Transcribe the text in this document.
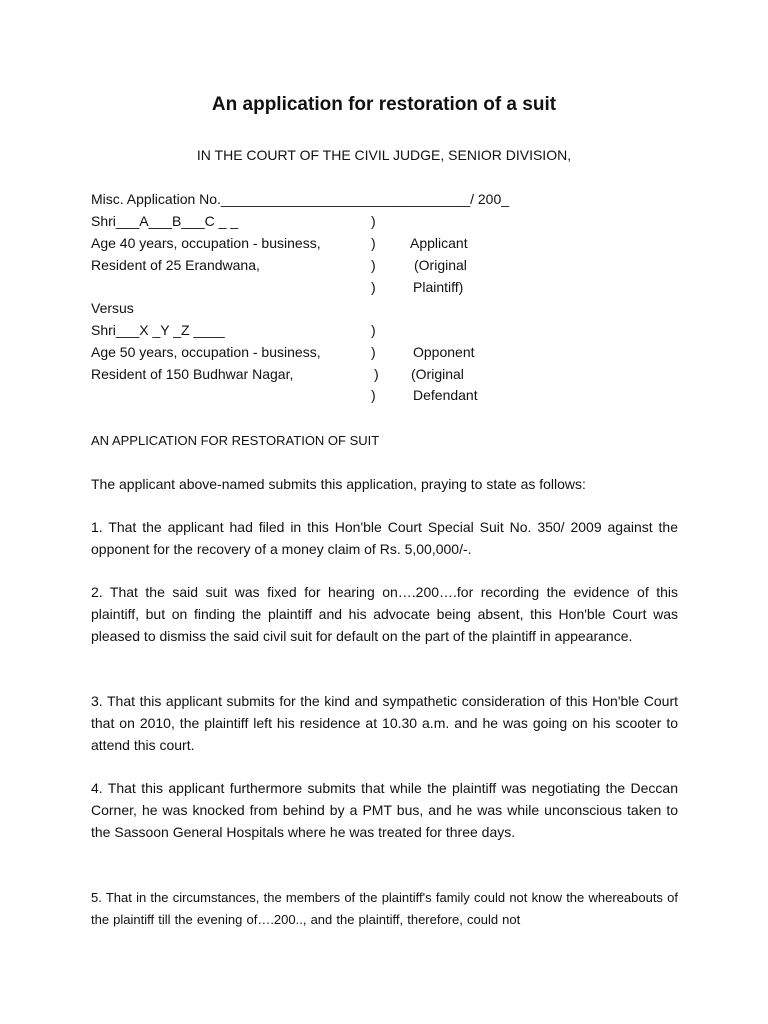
An application for restoration of a suit
IN THE COURT OF THE CIVIL JUDGE, SENIOR DIVISION,
Misc. Application No.________________________________/ 200_
Shri___A___B___C _ _	)
Age 40 years, occupation - business,	) Applicant
Resident of 25 Erandwana,	)	(Original
)	Plaintiff)
Versus
Shri___X _Y _Z ____	)
Age 50 years, occupation - business,	)	Opponent
Resident of 150 Budhwar Nagar,	) (Original
)	Defendant
AN APPLICATION FOR RESTORATION OF SUIT
The applicant above-named submits this application, praying to state as follows:
1. That the applicant had filed in this Hon'ble Court Special Suit No. 350/ 2009 against the opponent for the recovery of a money claim of Rs. 5,00,000/-.
2. That the said suit was fixed for hearing on….200….for recording the evidence of this plaintiff, but on finding the plaintiff and his advocate being absent, this Hon'ble Court was pleased to dismiss the said civil suit for default on the part of the plaintiff in appearance.
3. That this applicant submits for the kind and sympathetic consideration of this Hon'ble Court that on 2010, the plaintiff left his residence at 10.30 a.m. and he was going on his scooter to attend this court.
4. That this applicant furthermore submits that while the plaintiff was negotiating the Deccan Corner, he was knocked from behind by a PMT bus, and he was while unconscious taken to the Sassoon General Hospitals where he was treated for three days.
5. That in the circumstances, the members of the plaintiff's family could not know the whereabouts of the plaintiff till the evening of….200.., and the plaintiff, therefore, could not
